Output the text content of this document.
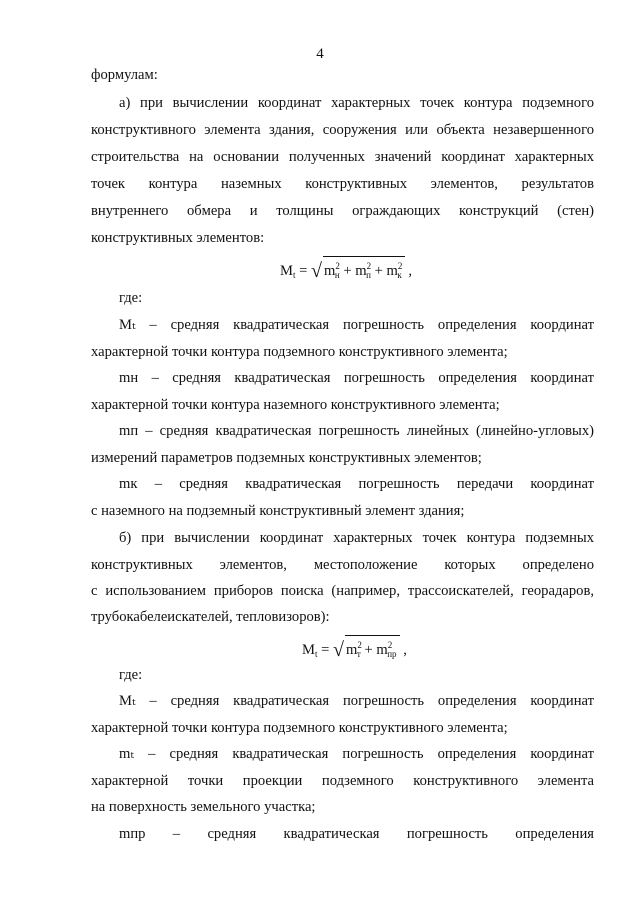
4
формулам:
а) при вычислении координат характерных точек контура подземного
конструктивного элемента здания, сооружения или объекта незавершенного
строительства на основании полученных значений координат характерных
точек контура наземных конструктивных элементов, результатов
внутреннего обмера и толщины ограждающих конструкций (стен)
конструктивных элементов:
$M_t$ = √ $m^2_н + m^2_п + m^2_к$ ,
где:
Мₜ – средняя квадратическая погрешность определения координат
характерной точки контура подземного конструктивного элемента;
mн – средняя квадратическая погрешность определения координат
характерной точки контура наземного конструктивного элемента;
mп – средняя квадратическая погрешность линейных (линейно-угловых)
измерений параметров подземных конструктивных элементов;
mк – средняя квадратическая погрешность передачи координат
с наземного на подземный конструктивный элемент здания;
б) при вычислении координат характерных точек контура подземных
конструктивных элементов, местоположение которых определено
с использованием приборов поиска (например, трассоискателей, георадаров,
трубокабелеискателей, тепловизоров):
$M_t$ = √ $m^2_т + m^2_{пр}$ ,
где:
Мₜ – средняя квадратическая погрешность определения координат
характерной точки контура подземного конструктивного элемента;
mₜ – средняя квадратическая погрешность определения координат
характерной точки проекции подземного конструктивного элемента
на поверхность земельного участка;
mпр – средняя квадратическая погрешность определения
